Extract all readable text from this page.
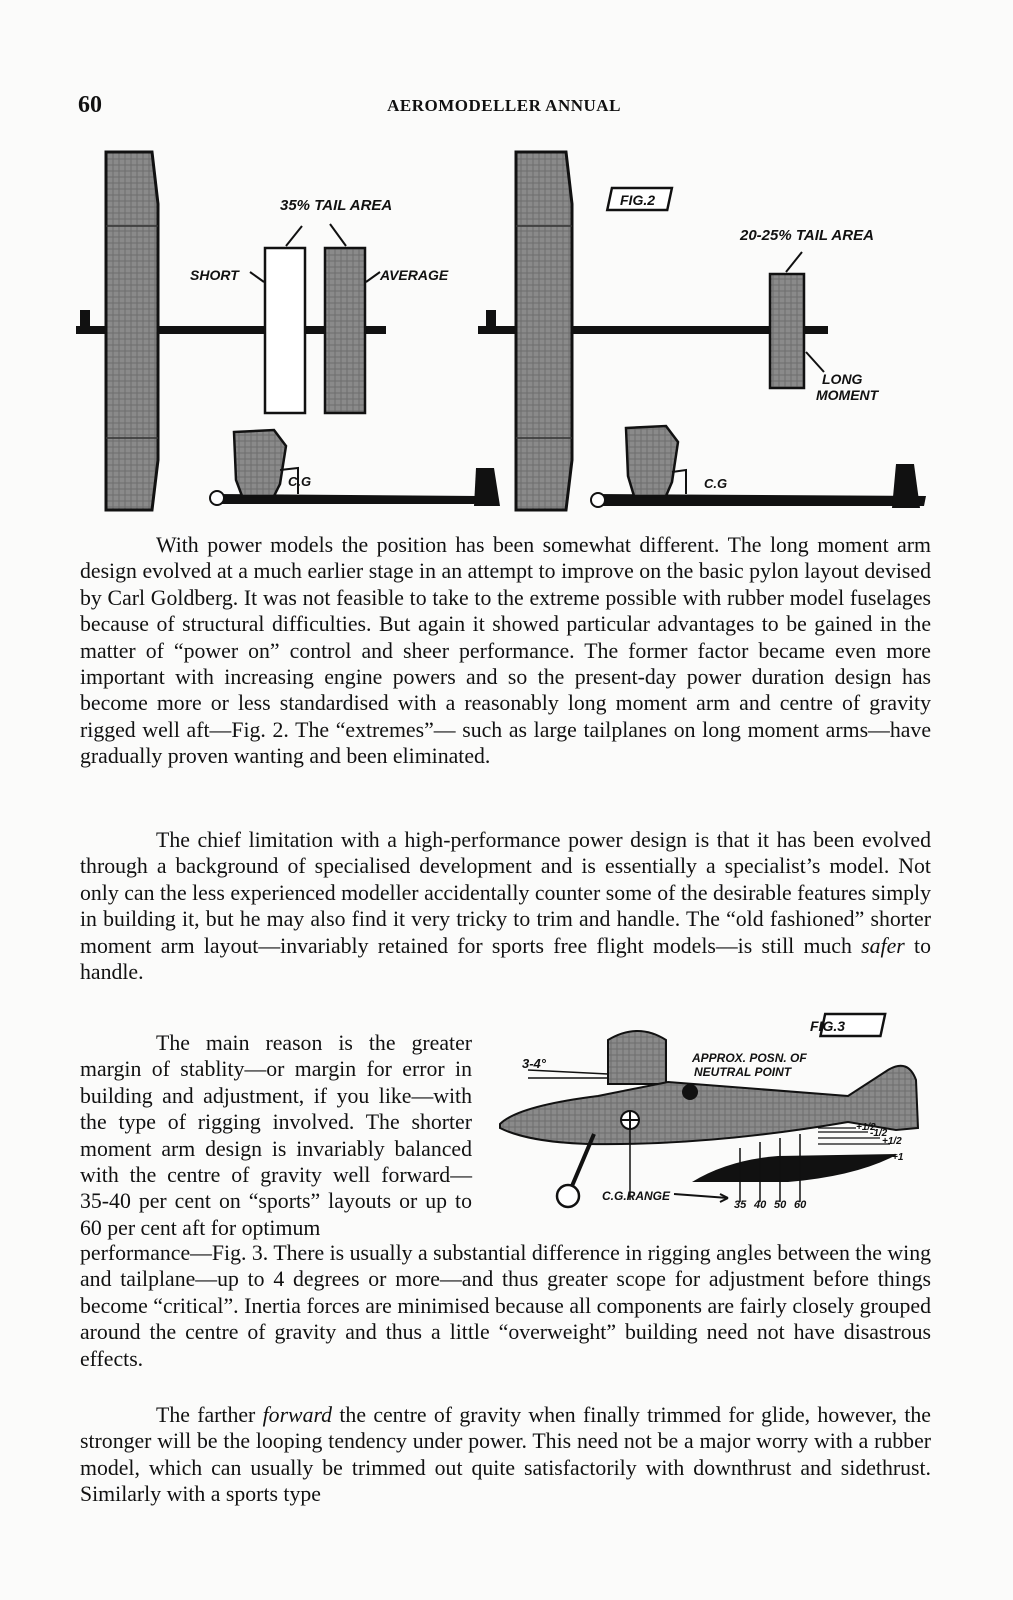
60	AEROMODELLER ANNUAL
35% TAIL AREA
SHORT	AVERAGE
C.G
FIG.2
20-25% TAIL AREA
LONG
MOMENT
C.G

With power models the position has been somewhat different. The long moment arm design evolved at a much earlier stage in an attempt to improve on the basic pylon layout devised by Carl Goldberg. It was not feasible to take to the extreme possible with rubber model fuselages because of structural difficulties. But again it showed particular advantages to be gained in the matter of “power on” control and sheer performance. The former factor became even more important with increasing engine powers and so the present-day power duration design has become more or less standardised with a reasonably long moment arm and centre of gravity rigged well aft—Fig. 2. The “extremes”— such as large tailplanes on long moment arms—have gradually proven wanting and been eliminated.

The chief limitation with a high-performance power design is that it has been evolved through a background of specialised development and is essentially a specialist’s model. Not only can the less experienced modeller accidentally counter some of the desirable features simply in building it, but he may also find it very tricky to trim and handle. The “old fashioned” shorter moment arm layout—invariably retained for sports free flight models—is still much safer to handle.

The main reason is the greater margin of stablity—or margin for error in building and adjustment, if you like—with the type of rigging involved. The shorter moment arm design is invariably balanced with the centre of gravity well forward— 35-40 per cent on “sports” layouts or up to 60 per cent aft for optimum

FIG.3
3-4°	APPROX. POSN. OF
NEUTRAL POINT
C.G.RANGE
35 40 50 60
+1/2
-1/2
+1/2
+1

performance—Fig. 3. There is usually a substantial difference in rigging angles between the wing and tailplane—up to 4 degrees or more—and thus greater scope for adjustment before things become “critical”. Inertia forces are minimised because all components are fairly closely grouped around the centre of gravity and thus a little “overweight” building need not have disastrous effects.

The farther forward the centre of gravity when finally trimmed for glide, however, the stronger will be the looping tendency under power. This need not be a major worry with a rubber model, which can usually be trimmed out quite satisfactorily with downthrust and sidethrust. Similarly with a sports type
